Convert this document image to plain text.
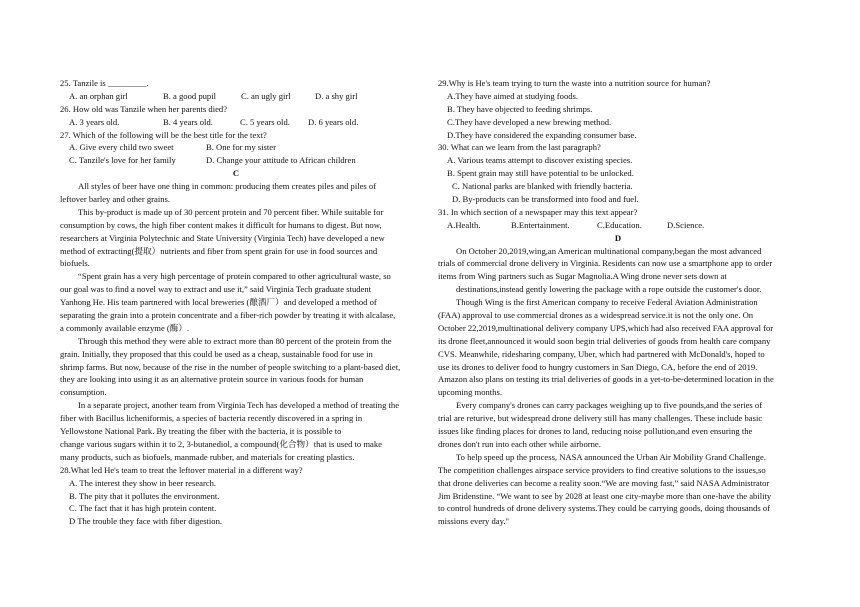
25. Tanzile is _________.
A. an orphan girl	B. a good pupil	C. an ugly girl	D. a shy girl
26. How old was Tanzile when her parents died?
A. 3 years old.	B. 4 years old.	C. 5 years old.	D. 6 years old.
27. Which of the following will be the best title for the text?
A. Give every child two sweet	B. One for my sister
C. Tanzile's love for her family	D. Change your attitude to African children
C
All styles of beer have one thing in common: producing them creates piles and piles of
leftover barley and other grains.
This by-product is made up of 30 percent protein and 70 percent fiber. While suitable for
consumption by cows, the high fiber content makes it difficult for humans to digest. But now,
researchers at Virginia Polytechnic and State University (Virginia Tech) have developed a new
method of extracting(提取）nutrients and fiber from spent grain for use in food sources and
biofuels.
“Spent grain has a very high percentage of protein compared to other agricultural waste, so
our goal was to find a novel way to extract and use it,” said Virginia Tech graduate student
Yanhong He. His team partnered with local breweries (酿酒厂）and developed a method of
separating the grain into a protein concentrate and a fiber-rich powder by treating it with alcalase,
a commonly available enzyme (酶）.
Through this method they were able to extract more than 80 percent of the protein from the
grain. Initially, they proposed that this could be used as a cheap, sustainable food for use in
shrimp farms. But now, because of the rise in the number of people switching to a plant-based diet,
they are looking into using it as an alternative protein source in various foods for human
consumption.
In a separate project, another team from Virginia Tech has developed a method of treating the
fiber with Bacillus licheniformis, a species of bacteria recently discovered in a spring in
Yellowstone National Park. By treating the fiber with the bacteria, it is possible to
change various sugars within it to 2, 3-butanediol, a compound(化合物）that is used to make
many products, such as biofuels, manmade rubber, and materials for creating plastics.
28.What led He's team to treat the leftover material in a different way?
A. The interest they show in beer research.
B. The pity that it pollutes the environment.
C. The fact that it has high protein content.
D The trouble they face with fiber digestion.
29.Why is He's team trying to turn the waste into a nutrition source for human?
A.They have aimed at studying foods.
B. They have objected to feeding shrimps.
C.They have developed a new brewing method.
D.They have considered the expanding consumer base.
30. What can we learn from the last paragraph?
A. Various teams attempt to discover existing species.
B. Spent grain may still have potential to be unlocked.
C. National parks are blanked with friendly bacteria.
D. By-products can be transformed into food and fuel.
31. In which section of a newspaper may this text appear?
A.Health.	B.Entertainment.	C.Education.	D.Science.
D
On October 20,2019,wing,an American multinational company,began the most advanced
trials of commercial drone delivery in Virginia. Residents can now use a smartphone app to order
items from Wing partners such as Sugar Magnolia.A Wing drone never sets down at
destinations,instead gently lowering the package with a rope outside the customer's door.
Though Wing is the first American company to receive Federal Aviation Administration
(FAA) approval to use commercial drones as a widespread service.it is not the only one. On
October 22,2019,multinational delivery company UPS,which had also received FAA approval for
its drone fleet,announced it would soon begin trial deliveries of goods from health care company
CVS. Meanwhile, ridesharing company, Uber, which had partnered with McDonald's, hoped to
use its drones to deliver food to hungry customers in San Diego, CA, before the end of 2019.
Amazon also plans on testing its trial deliveries of goods in a yet-to-be-determined location in the
upcoming months.
Every company's drones can carry packages weighing up to five pounds,and the series of
trial are returive, but widespread drone delivery still has many challenges. These include basic
issues like finding places for drones to land, reducing noise pollution,and even ensuring the
drones don't run into each other while airborne.
To help speed up the process, NASA announced the Urban Air Mobility Grand Challenge.
The competition challenges airspace service providers to find creative solutions to the issues,so
that drone deliveries can become a reality soon.“We are moving fast,” said NASA Administrator
Jim Bridenstine. “We want to see by 2028 at least one city-maybe more than one-have the ability
to control hundreds of drone delivery systems.They could be carrying goods, doing thousands of
missions every day."
